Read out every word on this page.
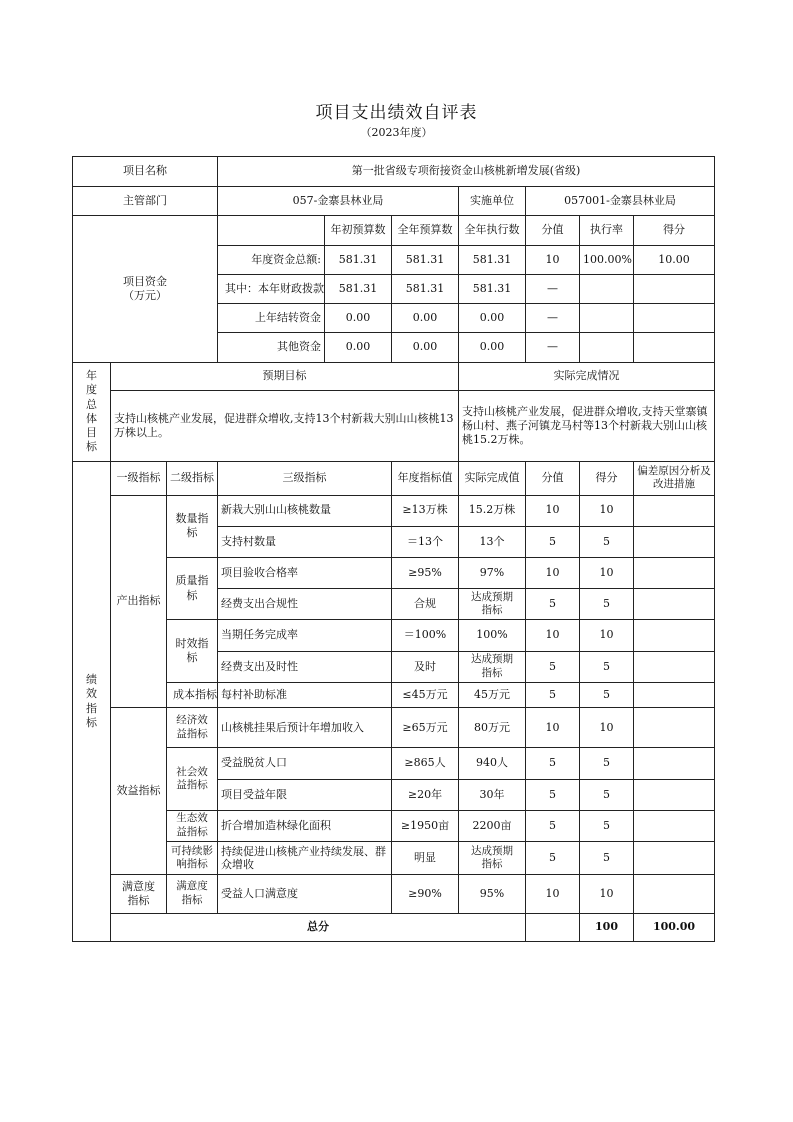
项目支出绩效自评表
（2023年度）
项目名称			第一批省级专项衔接资金山核桃新增发展(省级)							
主管部门			057-金寨县林业局			实施单位	057001-金寨县林业局			

项目资金
（万元）				年初预算数	全年预算数	全年执行数	分值	执行率	得分	
			年度资金总额:	581.31	581.31	581.31	10	100.00%	10.00	
			其中：本年财政拨款	581.31	581.31	581.31	—			
			上年结转资金	0.00	0.00	0.00	—			
			其他资金	0.00	0.00	0.00	—			
年度总体目标	预期目标					实际完成情况				
	支持山核桃产业发展，促进群众增收,支持13个村新栽大别山山核桃13万株以上。					支持山核桃产业发展，促进群众增收,支持天堂寨镇杨山村、燕子河镇龙马村等13个村新栽大别山山核桃15.2万株。				
绩效指标	一级指标	二级指标	三级指标		年度指标值	实际完成值	分值	得分	偏差原因分析及改进措施	
	产出指标	数量指标	新栽大别山山核桃数量		≥13万株	15.2万株	10	10		
			支持村数量		＝13个	13个	5	5		
		质量指标	项目验收合格率		≥95%	97%	10	10		
			经费支出合规性		合规	达成预期指标	5	5		
		时效指标	当期任务完成率		＝100%	100%	10	10		
			经费支出及时性		及时	达成预期指标	5	5		
		成本指标	每村补助标准		≤45万元	45万元	5	5		
	效益指标	经济效益指标	山核桃挂果后预计年增加收入		≥65万元	80万元	10	10		
		社会效益指标	受益脱贫人口		≥865人	940人	5	5		
			项目受益年限		≥20年	30年	5	5		
		生态效益指标	折合增加造林绿化面积		≥1950亩	2200亩	5	5		
		可持续影响指标	持续促进山核桃产业持续发展、群众增收		明显	达成预期指标	5	5		
	满意度指标	满意度指标	受益人口满意度		≥90%	95%	10	10		
	总分							100	100.00	
